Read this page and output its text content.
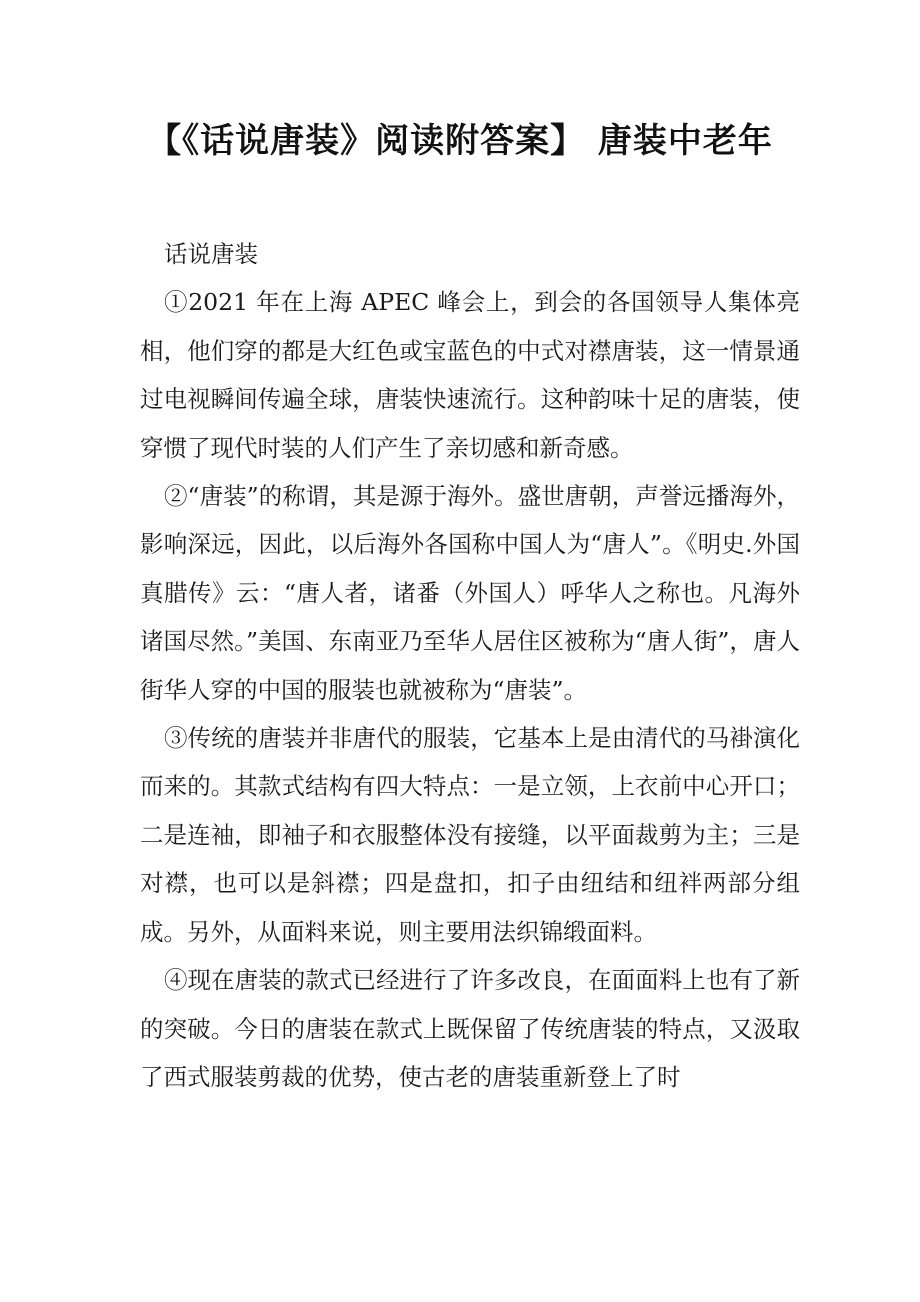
【《话说唐装》阅读附答案】 唐装中老年

话说唐装

①2021 年在上海 APEC 峰会上，到会的各国领导人集体亮相，他们穿的都是大红色或宝蓝色的中式对襟唐装，这一情景通过电视瞬间传遍全球，唐装快速流行。这种韵味十足的唐装，使穿惯了现代时装的人们产生了亲切感和新奇感。

②“唐装”的称谓，其是源于海外。盛世唐朝，声誉远播海外，影响深远，因此，以后海外各国称中国人为“唐人”。《明史.外国真腊传》云：“唐人者，诸番（外国人）呼华人之称也。凡海外诸国尽然。”美国、东南亚乃至华人居住区被称为“唐人街”，唐人街华人穿的中国的服装也就被称为“唐装”。

③传统的唐装并非唐代的服装，它基本上是由清代的马褂演化而来的。其款式结构有四大特点：一是立领，上衣前中心开口；二是连袖，即袖子和衣服整体没有接缝，以平面裁剪为主；三是对襟，也可以是斜襟；四是盘扣，扣子由纽结和纽袢两部分组成。另外，从面料来说，则主要用法织锦缎面料。

④现在唐装的款式已经进行了许多改良，在面面料上也有了新的突破。今日的唐装在款式上既保留了传统唐装的特点，又汲取了西式服装剪裁的优势，使古老的唐装重新登上了时
